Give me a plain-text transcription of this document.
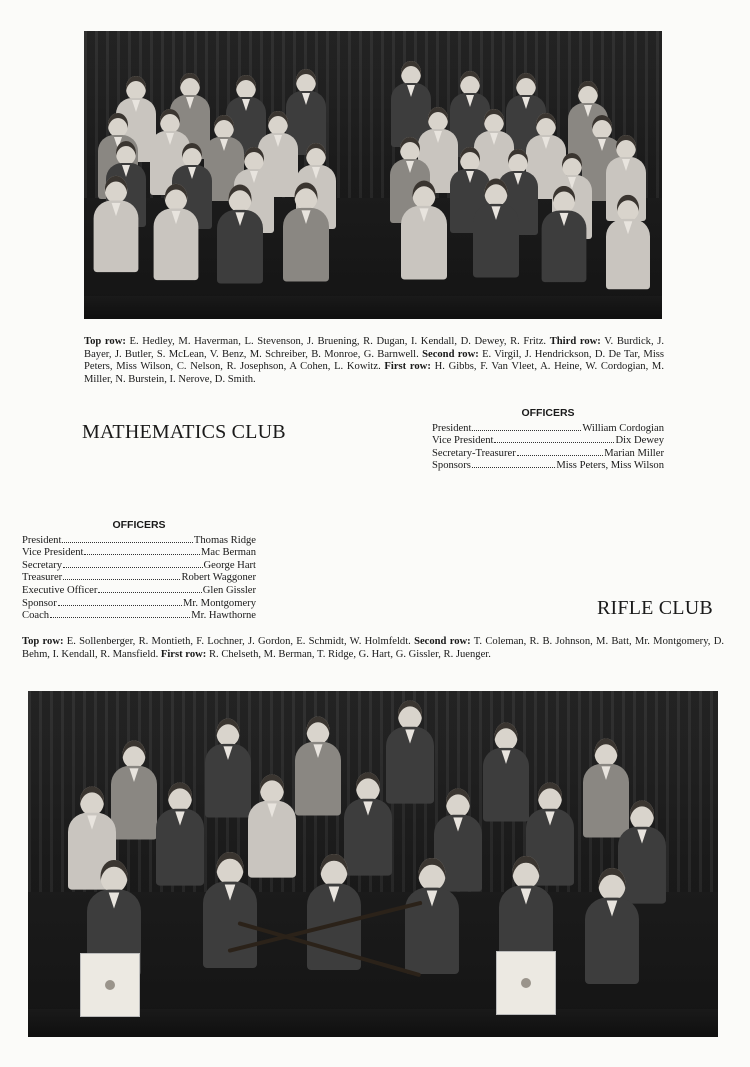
Top row: E. Hedley, M. Haverman, L. Stevenson, J. Bruening, R. Dugan, I. Kendall, D. Dewey, R. Fritz. Third row: V. Burdick, J. Bayer, J. Butler, S. McLean, V. Benz, M. Schreiber, B. Monroe, G. Barnwell. Second row: E. Virgil, J. Hendrickson, D. De Tar, Miss Peters, Miss Wilson, C. Nelson, R. Josephson, A Cohen, L. Kowitz. First row: H. Gibbs, F. Van Vleet, A. Heine, W. Cordogian, M. Miller, N. Burstein, I. Nerove, D. Smith.
MATHEMATICS CLUB
OFFICERS
President	William Cordogian
Vice President	Dix Dewey
Secretary-Treasurer	Marian Miller
Sponsors	Miss Peters, Miss Wilson
OFFICERS
President	Thomas Ridge
Vice President	Mac Berman
Secretary	George Hart
Treasurer	Robert Waggoner
Executive Officer	Glen Gissler
Sponsor	Mr. Montgomery
Coach	Mr. Hawthorne	RIFLE CLUB
Top row: E. Sollenberger, R. Montieth, F. Lochner, J. Gordon, E. Schmidt, W. Holmfeldt. Second row: T. Coleman, R. B. Johnson, M. Batt, Mr. Montgomery, D. Behm, I. Kendall, R. Mansfield. First row: R. Chelseth, M. Berman, T. Ridge, G. Hart, G. Gissler, R. Juenger.
